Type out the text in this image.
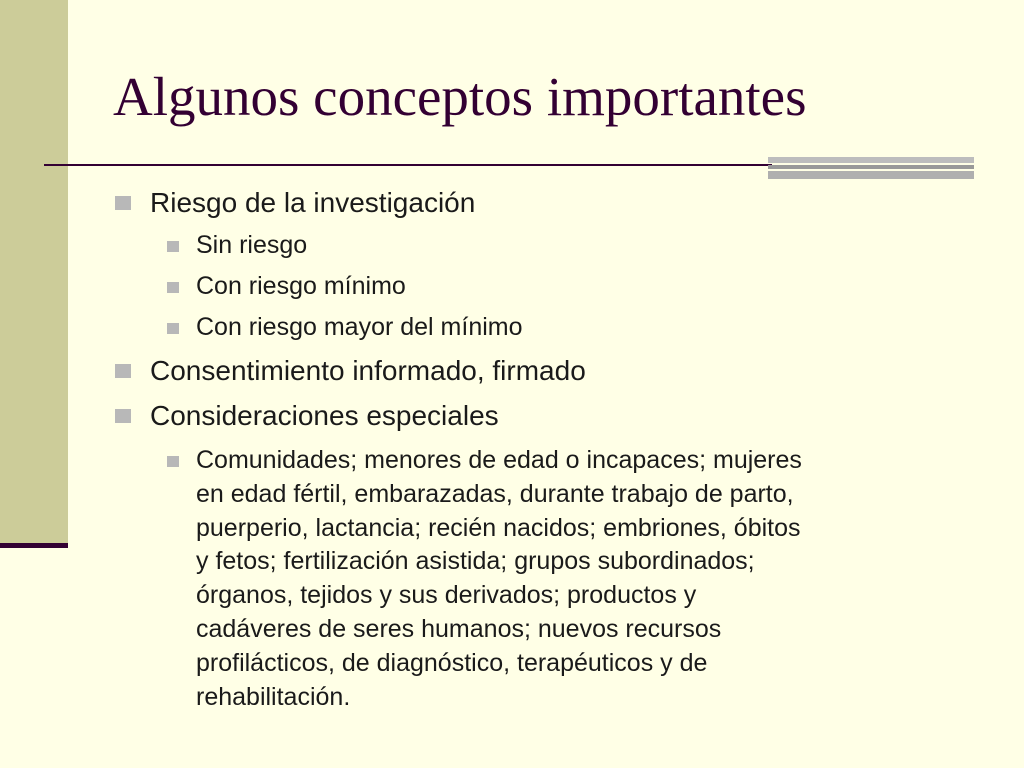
Algunos conceptos importantes
Riesgo de la investigación
Sin riesgo
Con riesgo mínimo
Con riesgo mayor del mínimo
Consentimiento informado, firmado
Consideraciones especiales
Comunidades; menores de edad o incapaces; mujeres
en edad fértil, embarazadas, durante trabajo de parto,
puerperio, lactancia; recién nacidos; embriones, óbitos
y fetos; fertilización asistida; grupos subordinados;
órganos, tejidos y sus derivados; productos y
cadáveres de seres humanos; nuevos recursos
profilácticos, de diagnóstico, terapéuticos y de
rehabilitación.
